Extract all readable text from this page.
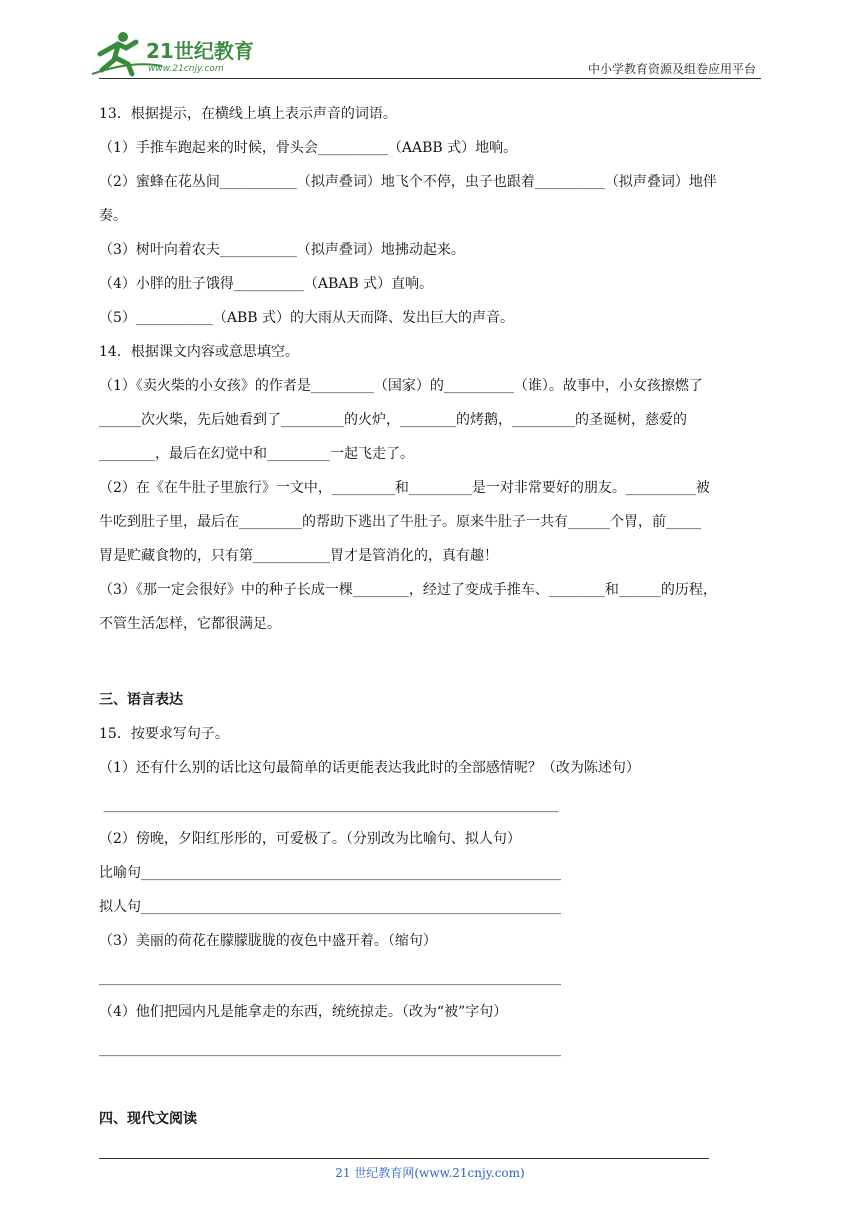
21世纪教育
www.21cnjy.com	中小学教育资源及组卷应用平台
13．根据提示，在横线上填上表示声音的词语。
（1）手推车跑起来的时候，骨头会__________（AABB 式）地响。
（2）蜜蜂在花丛间___________（拟声叠词）地飞个不停，虫子也跟着__________（拟声叠词）地伴
奏。
（3）树叶向着农夫___________（拟声叠词）地拂动起来。
（4）小胖的肚子饿得__________（ABAB 式）直响。
（5）___________（ABB 式）的大雨从天而降、发出巨大的声音。
14．根据课文内容或意思填空。
（1）《卖火柴的小女孩》的作者是_________（国家）的__________（谁）。故事中，小女孩擦燃了
______次火柴，先后她看到了_________的火炉，________的烤鹅，_________的圣诞树，慈爱的
________，最后在幻觉中和_________一起飞走了。
（2）在《在牛肚子里旅行》一文中，_________和_________是一对非常要好的朋友。__________被
牛吃到肚子里，最后在_________的帮助下逃出了牛肚子。原来牛肚子一共有______个胃，前_____
胃是贮藏食物的，只有第___________胃才是管消化的，真有趣！
（3）《那一定会很好》中的种子长成一棵________，经过了变成手推车、________和______的历程，
不管生活怎样，它都很满足。
三、语言表达
15．按要求写句子。
（1）还有什么别的话比这句最简单的话更能表达我此时的全部感情呢？（改为陈述句）
_________________________________________________________________
（2）傍晚，夕阳红彤彤的，可爱极了。（分别改为比喻句、拟人句）
比喻句____________________________________________________________
拟人句____________________________________________________________
（3）美丽的荷花在朦朦胧胧的夜色中盛开着。（缩句）
__________________________________________________________________
（4）他们把园内凡是能拿走的东西，统统掠走。（改为“被”字句）
__________________________________________________________________
四、现代文阅读
21 世纪教育网(www.21cnjy.com)
